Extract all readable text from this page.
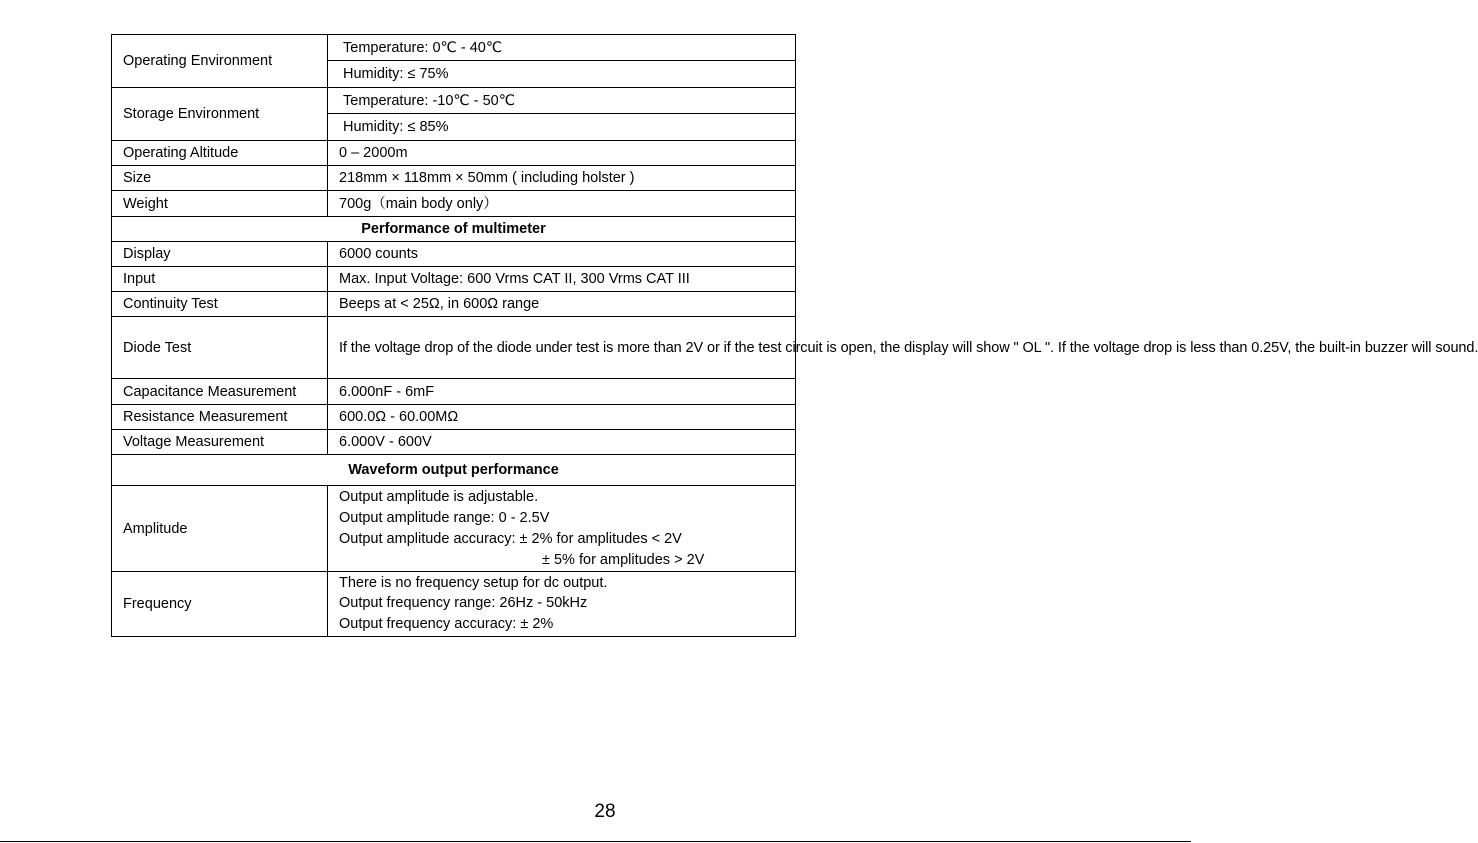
Operating Environment	Temperature: 0℃ - 40℃
	Humidity: ≤ 75%
Storage Environment	Temperature: -10℃ - 50℃
	Humidity: ≤ 85%
Operating Altitude	0 – 2000m
Size	218mm × 118mm × 50mm ( including holster )
Weight	700g（main body only）
Performance of multimeter	
Display	6000 counts
Input	Max. Input Voltage: 600 Vrms CAT II, 300 Vrms CAT III
Continuity Test	Beeps at < 25Ω, in 600Ω range
Diode Test	If the voltage drop of the diode under test is more than 2V or if the test circuit is open, the display will show " OL ". If the voltage drop is less than 0.25V, the built-in buzzer will sound.
Capacitance Measurement	6.000nF - 6mF
Resistance Measurement	600.0Ω - 60.00MΩ
Voltage Measurement	6.000V - 600V
Waveform output performance	
Amplitude	Output amplitude is adjustable.
Output amplitude range: 0 - 2.5V
Output amplitude accuracy: ± 2% for amplitudes < 2V
± 5% for amplitudes > 2V

Frequency	There is no frequency setup for dc output.
Output frequency range: 26Hz - 50kHz
Output frequency accuracy: ± 2%
28
